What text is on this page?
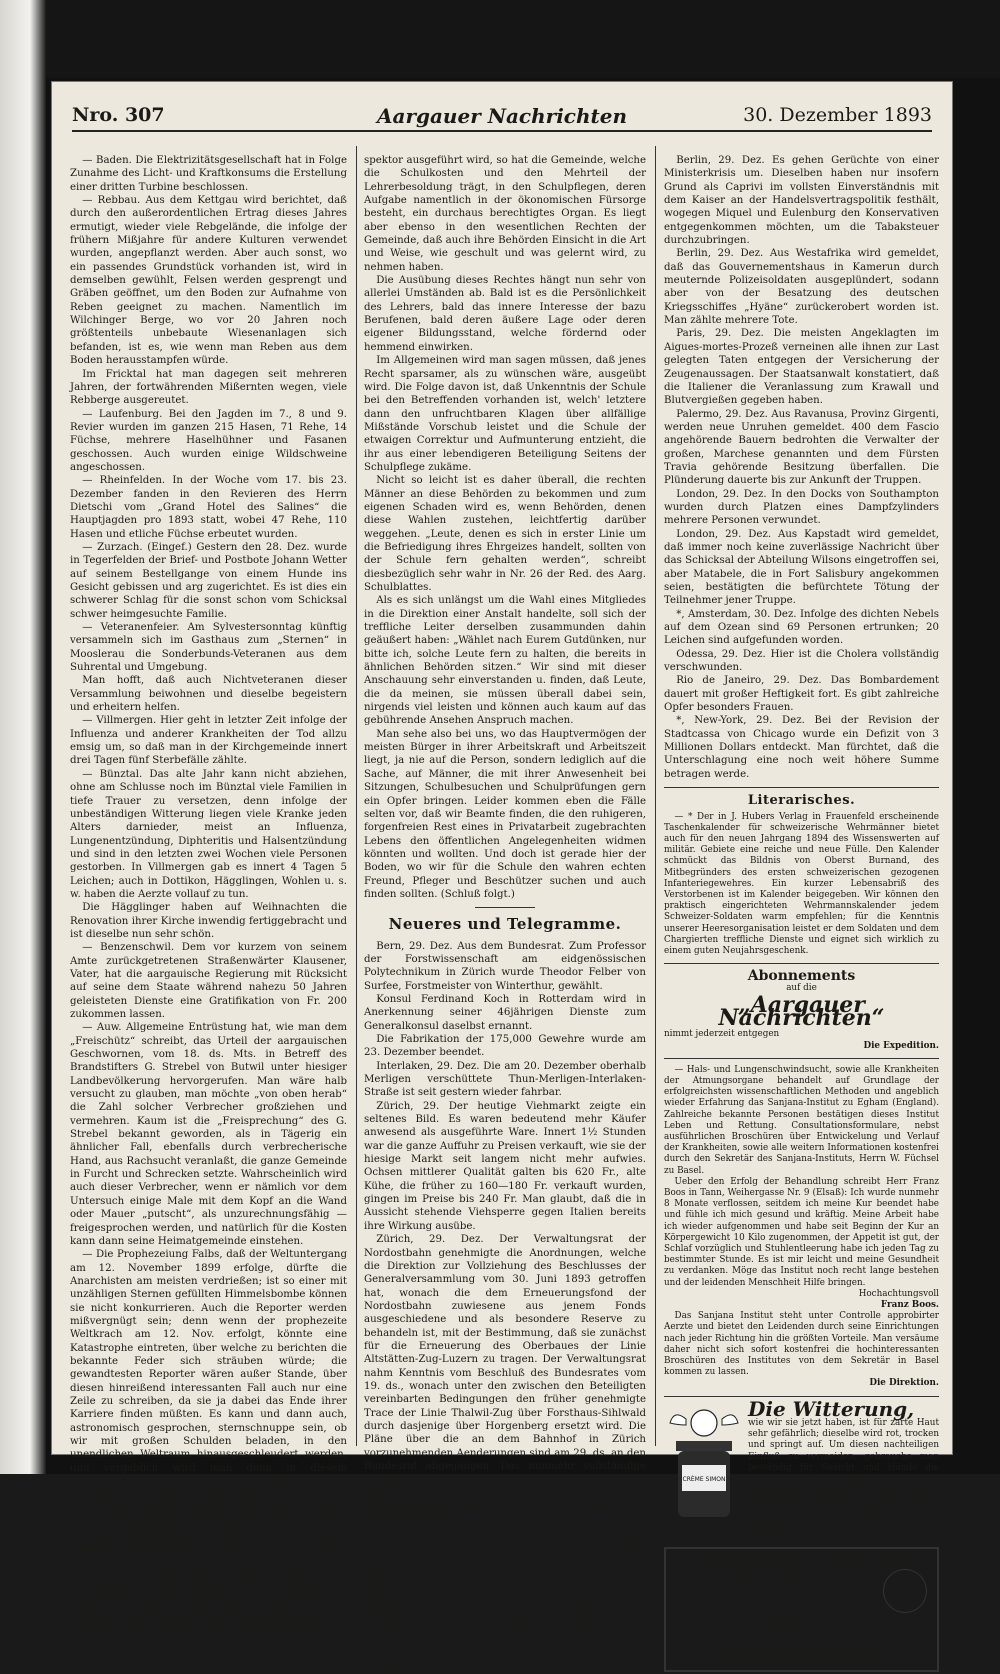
Nro. 307	Aargauer Nachrichten	30. Dezember 1893

— Baden. Die Elektrizitätsgesellschaft hat in Folge Zunahme des Licht- und Kraftkonsums die Erstellung einer dritten Turbine beschlossen.

— Rebbau. Aus dem Kettgau wird berichtet, daß durch den außerordentlichen Ertrag dieses Jahres ermutigt, wieder viele Rebgelände, die infolge der frühern Mißjahre für andere Kulturen verwendet wurden, angepflanzt werden. Aber auch sonst, wo ein passendes Grundstück vorhanden ist, wird in demselben gewühlt, Felsen werden gesprengt und Gräben geöffnet, um den Boden zur Aufnahme von Reben geeignet zu machen. Namentlich im Wilchinger Berge, wo vor 20 Jahren noch größtenteils unbebaute Wiesenanlagen sich befanden, ist es, wie wenn man Reben aus dem Boden herausstampfen würde.

Im Fricktal hat man dagegen seit mehreren Jahren, der fortwährenden Mißernten wegen, viele Rebberge ausgereutet.

— Laufenburg. Bei den Jagden im 7., 8 und 9. Revier wurden im ganzen 215 Hasen, 71 Rehe, 14 Füchse, mehrere Haselhühner und Fasanen geschossen. Auch wurden einige Wildschweine angeschossen.

— Rheinfelden. In der Woche vom 17. bis 23. Dezember fanden in den Revieren des Herrn Dietschi vom „Grand Hotel des Salines“ die Hauptjagden pro 1893 statt, wobei 47 Rehe, 110 Hasen und etliche Füchse erbeutet wurden.

— Zurzach. (Eingef.) Gestern den 28. Dez. wurde in Tegerfelden der Brief- und Postbote Johann Wetter auf seinem Bestellgange von einem Hunde ins Gesicht gebissen und arg zugerichtet. Es ist dies ein schwerer Schlag für die sonst schon vom Schicksal schwer heimgesuchte Familie.

— Veteranenfeier. Am Sylvestersonntag künftig versammeln sich im Gasthaus zum „Sternen“ in Mooslerau die Sonderbunds-Veteranen aus dem Suhrental und Umgebung.

Man hofft, daß auch Nichtveteranen dieser Versammlung beiwohnen und dieselbe begeistern und erheitern helfen.

— Villmergen. Hier geht in letzter Zeit infolge der Influenza und anderer Krankheiten der Tod allzu emsig um, so daß man in der Kirchgemeinde innert drei Tagen fünf Sterbefälle zählte.

— Bünztal. Das alte Jahr kann nicht abziehen, ohne am Schlusse noch im Bünztal viele Familien in tiefe Trauer zu versetzen, denn infolge der unbeständigen Witterung liegen viele Kranke jeden Alters darnieder, meist an Influenza, Lungenentzündung, Diphteritis und Halsentzündung und sind in den letzten zwei Wochen viele Personen gestorben. In Villmergen gab es innert 4 Tagen 5 Leichen; auch in Dottikon, Hägglingen, Wohlen u. s. w. haben die Aerzte vollauf zu tun.

Die Hägglinger haben auf Weihnachten die Renovation ihrer Kirche inwendig fertiggebracht und ist dieselbe nun sehr schön.

— Benzenschwil. Dem vor kurzem von seinem Amte zurückgetretenen Straßenwärter Klausener, Vater, hat die aargauische Regierung mit Rücksicht auf seine dem Staate während nahezu 50 Jahren geleisteten Dienste eine Gratifikation von Fr. 200 zukommen lassen.

— Auw. Allgemeine Entrüstung hat, wie man dem „Freischütz“ schreibt, das Urteil der aargauischen Geschwornen, vom 18. ds. Mts. in Betreff des Brandstifters G. Strebel von Butwil unter hiesiger Landbevölkerung hervorgerufen. Man wäre halb versucht zu glauben, man möchte „von oben herab“ die Zahl solcher Verbrecher großziehen und vermehren. Kaum ist die „Freisprechung“ des G. Strebel bekannt geworden, als in Tägerig ein ähnlicher Fall, ebenfalls durch verbrecherische Hand, aus Rachsucht veranlaßt, die ganze Gemeinde in Furcht und Schrecken setzte. Wahrscheinlich wird auch dieser Verbrecher, wenn er nämlich vor dem Untersuch einige Male mit dem Kopf an die Wand oder Mauer „putscht“, als unzurechnungsfähig — freigesprochen werden, und natürlich für die Kosten kann dann seine Heimatgemeinde einstehen.

— Die Prophezeiung Falbs, daß der Weltuntergang am 12. November 1899 erfolge, dürfte die Anarchisten am meisten verdrießen; ist so einer mit unzähligen Sternen gefüllten Himmelsbombe können sie nicht konkurrieren. Auch die Reporter werden mißvergnügt sein; denn wenn der prophezeite Weltkrach am 12. Nov. erfolgt, könnte eine Katastrophe eintreten, über welche zu berichten die bekannte Feder sich sträuben würde; die gewandtesten Reporter wären außer Stande, über diesen hinreißend interessanten Fall auch nur eine Zeile zu schreiben, da sie ja dabei das Ende ihrer Karriere finden müßten. Es kann und dann auch, astronomisch gesprochen, sternschnuppe sein, ob wir mit großen Schulden beladen, in den unendlichen Weltraum hinausgeschleudert werden, und vergeblich wird man dann in diesem unendlichen Raume nach einer Zahlstelle suchen für die fälligen Coupons. Freilich läßt uns Herr Falb noch einen kleinen Schimmer von Hoffnung übrig. Gar so ausgemacht ist es nämlich nicht, daß der erwähnte, nichtsnutzige Komet die Erde auch wirklich anrempeln wird; vielleicht wird er weniger unhöflich sein und sich mit der bloßen Erzeugung eines Sternschnuppenfalles begnügen. Hoffen wir es und danken wir dem gelehrten Herrn Professor für das freundliche Aviso, um allen wir ihm zu danken haben, wenn der allfällige Weltuntergang am 12. November 1899 uns nicht ganz unerwartet trifft!

— Die „Schulepflegen“. (Eing.) Wenn auch die technische Aufsicht in unsern Schulen vom In-

spektor ausgeführt wird, so hat die Gemeinde, welche die Schulkosten und den Mehrteil der Lehrerbesoldung trägt, in den Schulpflegen, deren Aufgabe namentlich in der ökonomischen Fürsorge besteht, ein durchaus berechtigtes Organ. Es liegt aber ebenso in den wesentlichen Rechten der Gemeinde, daß auch ihre Behörden Einsicht in die Art und Weise, wie geschult und was gelernt wird, zu nehmen haben.

Die Ausübung dieses Rechtes hängt nun sehr von allerlei Umständen ab. Bald ist es die Persönlichkeit des Lehrers, bald das innere Interesse der bazu Berufenen, bald deren äußere Lage oder deren eigener Bildungsstand, welche fördernd oder hemmend einwirken.

Im Allgemeinen wird man sagen müssen, daß jenes Recht sparsamer, als zu wünschen wäre, ausgeübt wird. Die Folge davon ist, daß Unkenntnis der Schule bei den Betreffenden vorhanden ist, welch' letztere dann den unfruchtbaren Klagen über allfällige Mißstände Vorschub leistet und die Schule der etwaigen Correktur und Aufmunterung entzieht, die ihr aus einer lebendigeren Beteiligung Seitens der Schulpflege zukäme.

Nicht so leicht ist es daher überall, die rechten Männer an diese Behörden zu bekommen und zum eigenen Schaden wird es, wenn Behörden, denen diese Wahlen zustehen, leichtfertig darüber weggehen. „Leute, denen es sich in erster Linie um die Befriedigung ihres Ehrgeizes handelt, sollten von der Schule fern gehalten werden“, schreibt diesbezüglich sehr wahr in Nr. 26 der Red. des Aarg. Schulblattes.

Als es sich unlängst um die Wahl eines Mitgliedes in die Direktion einer Anstalt handelte, soll sich der treffliche Leiter derselben zusammunden dahin geäußert haben: „Wählet nach Eurem Gutdünken, nur bitte ich, solche Leute fern zu halten, die bereits in ähnlichen Behörden sitzen.“ Wir sind mit dieser Anschauung sehr einverstanden u. finden, daß Leute, die da meinen, sie müssen überall dabei sein, nirgends viel leisten und können auch kaum auf das gebührende Ansehen Anspruch machen.

Man sehe also bei uns, wo das Hauptvermögen der meisten Bürger in ihrer Arbeitskraft und Arbeitszeit liegt, ja nie auf die Person, sondern lediglich auf die Sache, auf Männer, die mit ihrer Anwesenheit bei Sitzungen, Schulbesuchen und Schulprüfungen gern ein Opfer bringen. Leider kommen eben die Fälle selten vor, daß wir Beamte finden, die den ruhigeren, forgenfreien Rest eines in Privatarbeit zugebrachten Lebens den öffentlichen Angelegenheiten widmen könnten und wollten. Und doch ist gerade hier der Boden, wo wir für die Schule den wahren echten Freund, Pfleger und Beschützer suchen und auch finden sollten. (Schluß folgt.)

Neueres und Telegramme.

Bern, 29. Dez. Aus dem Bundesrat. Zum Professor der Forstwissenschaft am eidgenössischen Polytechnikum in Zürich wurde Theodor Felber von Surfee, Forstmeister von Winterthur, gewählt.

Konsul Ferdinand Koch in Rotterdam wird in Anerkennung seiner 46jährigen Dienste zum Generalkonsul daselbst ernannt.

Die Fabrikation der 175,000 Gewehre wurde am 23. Dezember beendet.

Interlaken, 29. Dez. Die am 20. Dezember oberhalb Merligen verschüttete Thun-Merligen-Interlaken-Straße ist seit gestern wieder fahrbar.

Zürich, 29. Der heutige Viehmarkt zeigte ein seltenes Bild. Es waren bedeutend mehr Käufer anwesend als ausgeführte Ware. Innert 1½ Stunden war die ganze Auffuhr zu Preisen verkauft, wie sie der hiesige Markt seit langem nicht mehr aufwies. Ochsen mittlerer Qualität galten bis 620 Fr., alte Kühe, die früher zu 160—180 Fr. verkauft wurden, gingen im Preise bis 240 Fr. Man glaubt, daß die in Aussicht stehende Viehsperre gegen Italien bereits ihre Wirkung ausübe.

Zürich, 29. Dez. Der Verwaltungsrat der Nordostbahn genehmigte die Anordnungen, welche die Direktion zur Vollziehung des Beschlusses der Generalversammlung vom 30. Juni 1893 getroffen hat, wonach die dem Erneuerungsfond der Nordostbahn zuwiesene aus jenem Fonds ausgeschiedene und als besondere Reserve zu behandeln ist, mit der Bestimmung, daß sie zunächst für die Erneuerung des Oberbaues der Linie Altstätten-Zug-Luzern zu tragen. Der Verwaltungsrat nahm Kenntnis vom Beschluß des Bundesrates vom 19. ds., wonach unter den zwischen den Beteiligten vereinbarten Bedingungen den früher genehmigte Trace der Linie Thalwil-Zug über Forsthaus-Sihlwald durch dasjenige über Horgenberg ersetzt wird. Die Pläne über die an dem Bahnhof in Zürich vorzunehmenden Aenderungen sind am 29. ds. an den Bundesrat abgegangen. Das nunmehr vollständige Projekt über die Erweiterung und den Ausbau des Bahnhofs in Oerlikon mit einem Gesamtkostenaufwand von 635,000 Fr. erhielt die Genehmigung.

n Herisau, 30. Dez. Kälbermarkt. Auffuhr 138 Stück. Preis 50 bis 56 Cts. per ½ Kilo lebend Gewicht.

n Lausanne, 30. Dez. Die Ersatzwahl in den Nationalrat für Bundesrat Ruffy findet am 21. Januar statt.

Wien, 29. Dez. Aus Huben wird gemeldet, daß drei Wiener Touristen, welche während der Weihnachtstage den Großglockner bestiegen, aus beträchtlicher Höhe abstürzten. Die Leichen konnten die großen Schneefalls wegen noch nicht geborgen werden.

Berlin, 29. Dez. Es gehen Gerüchte von einer Ministerkrisis um. Dieselben haben nur insofern Grund als Caprivi im vollsten Einverständnis mit dem Kaiser an der Handelsvertragspolitik festhält, wogegen Miquel und Eulenburg den Konservativen entgegenkommen möchten, um die Tabaksteuer durchzubringen.

Berlin, 29. Dez. Aus Westafrika wird gemeldet, daß das Gouvernementshaus in Kamerun durch meuternde Polizeisoldaten ausgeplündert, sodann aber von der Besatzung des deutschen Kriegsschiffes „Hyäne“ zurückerobert worden ist. Man zählte mehrere Tote.

Paris, 29. Dez. Die meisten Angeklagten im Aigues-mortes-Prozeß verneinen alle ihnen zur Last gelegten Taten entgegen der Versicherung der Zeugenaussagen. Der Staatsanwalt konstatiert, daß die Italiener die Veranlassung zum Krawall und Blutvergießen gegeben haben.

Palermo, 29. Dez. Aus Ravanusa, Provinz Girgenti, werden neue Unruhen gemeldet. 400 dem Fascio angehörende Bauern bedrohten die Verwalter der großen, Marchese genannten und dem Fürsten Travia gehörende Besitzung überfallen. Die Plünderung dauerte bis zur Ankunft der Truppen.

London, 29. Dez. In den Docks von Southampton wurden durch Platzen eines Dampfzylinders mehrere Personen verwundet.

London, 29. Dez. Aus Kapstadt wird gemeldet, daß immer noch keine zuverlässige Nachricht über das Schicksal der Abteilung Wilsons eingetroffen sei, aber Matabele, die in Fort Salisbury angekommen seien, bestätigten die befürchtete Tötung der Teilnehmer jener Truppe.

*, Amsterdam, 30. Dez. Infolge des dichten Nebels auf dem Ozean sind 69 Personen ertrunken; 20 Leichen sind aufgefunden worden.

Odessa, 29. Dez. Hier ist die Cholera vollständig verschwunden.

Rio de Janeiro, 29. Dez. Das Bombardement dauert mit großer Heftigkeit fort. Es gibt zahlreiche Opfer besonders Frauen.

*, New-York, 29. Dez. Bei der Revision der Stadtcassa von Chicago wurde ein Defizit von 3 Millionen Dollars entdeckt. Man fürchtet, daß die Unterschlagung eine noch weit höhere Summe betragen werde.

Literarisches.

— * Der in J. Hubers Verlag in Frauenfeld erscheinende Taschenkalender für schweizerische Wehrmänner bietet auch für den neuen Jahrgang 1894 des Wissenswerten auf militär. Gebiete eine reiche und neue Fülle. Den Kalender schmückt das Bildnis von Oberst Burnand, des Mitbegründers des ersten schweizerischen gezogenen Infanteriegewehres. Ein kurzer Lebensabriß des Verstorbenen ist im Kalender beigegeben. Wir können den praktisch eingerichteten Wehrmannskalender jedem Schweizer-Soldaten warm empfehlen; für die Kenntnis unserer Heeresorganisation leistet er dem Soldaten und dem Chargierten treffliche Dienste und eignet sich wirklich zu einem guten Neujahrsgeschenk.

Abonnements
auf die
„Aargauer Nachrichten“
nimmt jederzeit entgegen
Die Expedition.

— Hals- und Lungenschwindsucht, sowie alle Krankheiten der Atmungsorgane behandelt auf Grundlage der erfolgreichsten wissenschaftlichen Methoden und angeblich wieder Erfahrung das Sanjana-Institut zu Egham (England). Zahlreiche bekannte Personen bestätigen dieses Institut Leben und Rettung. Consultationsformulare, nebst ausführlichen Broschüren über Entwickelung und Verlauf der Krankheiten, sowie alle weitern Informationen kostenfrei durch den Sekretär des Sanjana-Instituts, Herrn W. Füchsel zu Basel.

Ueber den Erfolg der Behandlung schreibt Herr Franz Boos in Tann, Weihergasse Nr. 9 (Elsaß): Ich wurde nunmehr 8 Monate verflossen, seitdem ich meine Kur beendet habe und fühle ich mich gesund und kräftig. Meine Arbeit habe ich wieder aufgenommen und habe seit Beginn der Kur an Körpergewicht 10 Kilo zugenommen, der Appetit ist gut, der Schlaf vorzüglich und Stuhlentleerung habe ich jeden Tag zu bestimmter Stunde. Es ist mir leicht und meine Gesundheit zu verdanken. Möge das Institut noch recht lange bestehen und der leidenden Menschheit Hilfe bringen.

Hochachtungsvoll
Franz Boos.

Das Sanjana Institut steht unter Controlle approbirter Aerzte und bietet den Leidenden durch seine Einrichtungen nach jeder Richtung hin die größten Vorteile. Man versäume daher nicht sich sofort kostenfrei die hochinteressanten Broschüren des Institutes von dem Sekretär in Basel kommen zu lassen.

Die Direktion.
CRÈME SIMON
Die Witterung,

wie wir sie jetzt haben, ist für zarte Haut sehr gefährlich; dieselbe wird rot, trocken und springt auf. Um diesen nachteiligen Einfluß zu vermeiden, gebrauche man beständig für Gesicht und Hände die wunderbare Crème Simon, das Puder de riz und Seife Simon. Man verlange die Unterschrift von Simon, 13, rue Grange-Batelière, Paris. Zu haben in allen Apotheken, Parfümerie-Geschäften, Coiffeurs und Friseursläden etc.

Lanolin-Toilette-Cream-Lanolin
der Lanolinfabrik Martinikenfelde bei Berlin.
LANOLIN
Vorzüglich zur Pflege der Haut.
Vorzüglich zur Reinhaltung und Bedeckung wunder Hautstellen und Wunden.
Vorzüglich zur Erhaltung einer guten Haut, besonders bei kleinen Kindern.
Zu haben in Zinntuben à 50 ct. in Blechdosen à 25 u. 15 ct. in den meisten Apotheken, Drogerien u. Parfümerien. General-Depot für die Schweiz: B. Vogel, Zürich.
